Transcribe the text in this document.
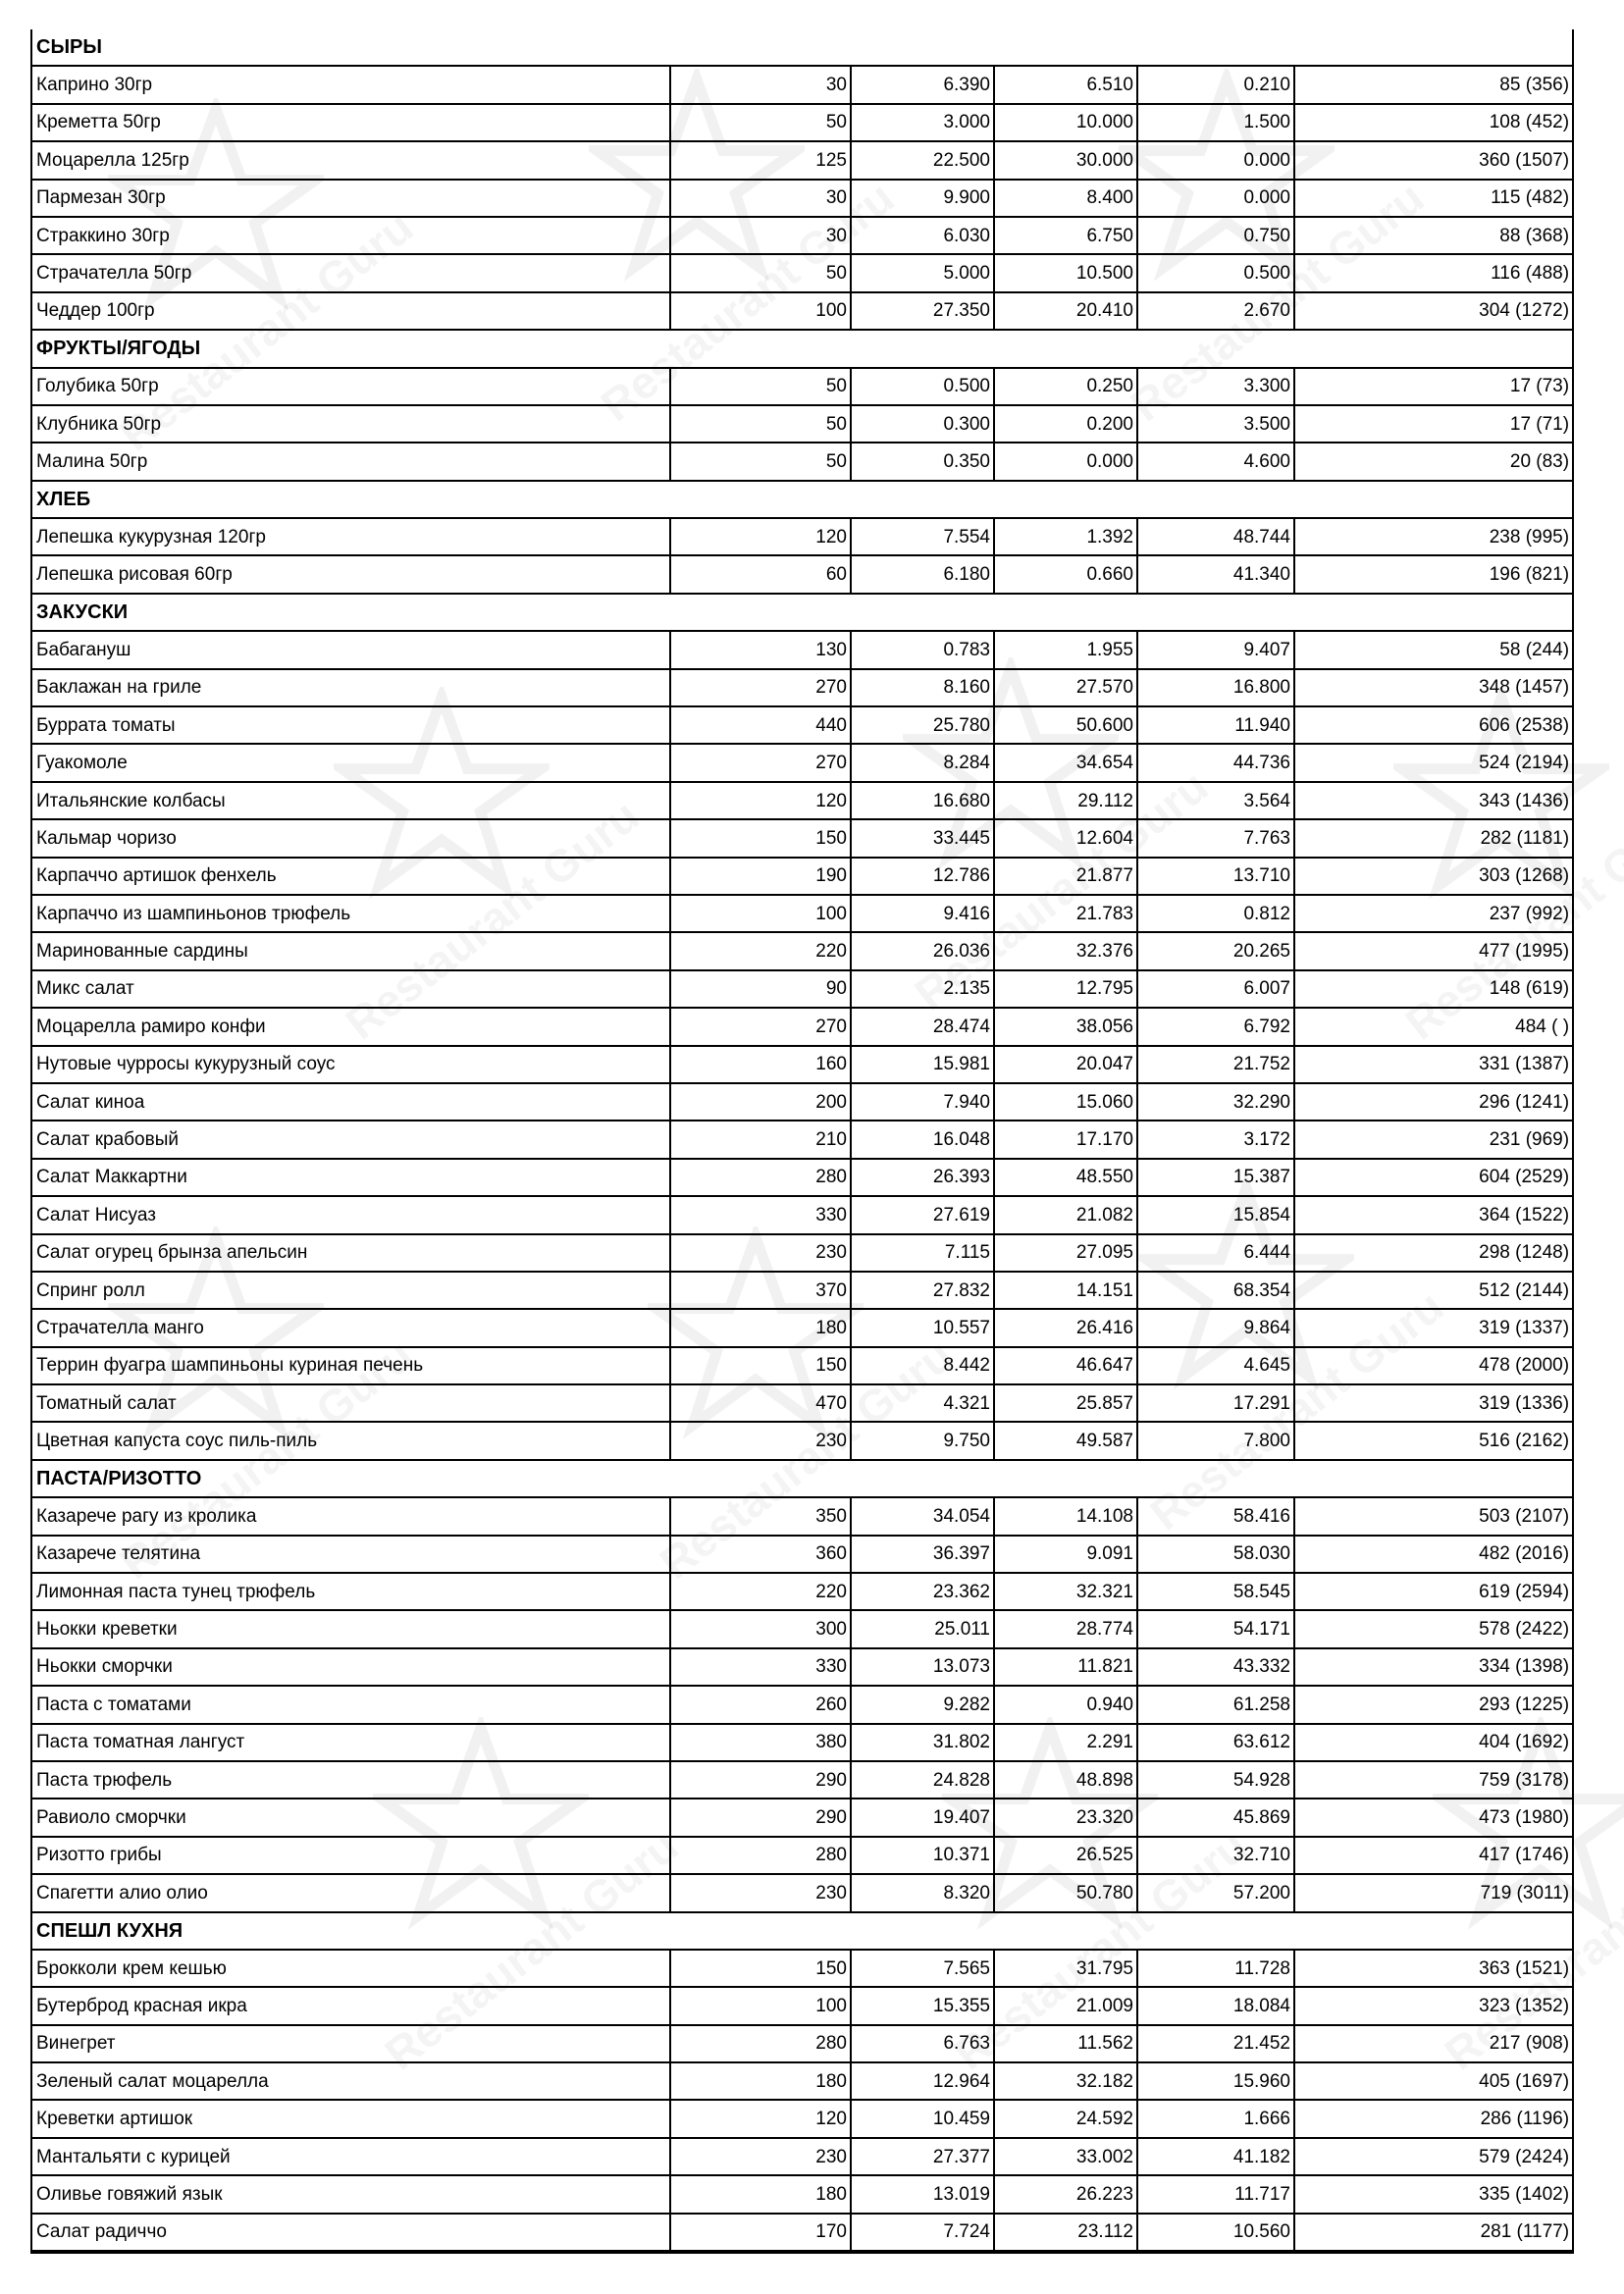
СЫРЫ					
Каприно 30гр	30	6.390	6.510	0.210	85 (356)
Креметта 50гр	50	3.000	10.000	1.500	108 (452)
Моцарелла 125гр	125	22.500	30.000	0.000	360 (1507)
Пармезан 30гр	30	9.900	8.400	0.000	115 (482)
Страккино 30гр	30	6.030	6.750	0.750	88 (368)
Страчателла 50гр	50	5.000	10.500	0.500	116 (488)
Чеддер 100гр	100	27.350	20.410	2.670	304 (1272)
ФРУКТЫ/ЯГОДЫ					
Голубика 50гр	50	0.500	0.250	3.300	17 (73)
Клубника 50гр	50	0.300	0.200	3.500	17 (71)
Малина 50гр	50	0.350	0.000	4.600	20 (83)
ХЛЕБ					
Лепешка кукурузная 120гр	120	7.554	1.392	48.744	238 (995)
Лепешка рисовая 60гр	60	6.180	0.660	41.340	196 (821)
ЗАКУСКИ					
Бабагануш	130	0.783	1.955	9.407	58 (244)
Баклажан на гриле	270	8.160	27.570	16.800	348 (1457)
Буррата томаты	440	25.780	50.600	11.940	606 (2538)
Гуакомоле	270	8.284	34.654	44.736	524 (2194)
Итальянские колбасы	120	16.680	29.112	3.564	343 (1436)
Кальмар чоризо	150	33.445	12.604	7.763	282 (1181)
Карпаччо артишок фенхель	190	12.786	21.877	13.710	303 (1268)
Карпаччо из шампиньонов трюфель	100	9.416	21.783	0.812	237 (992)
Маринованные сардины	220	26.036	32.376	20.265	477 (1995)
Микс салат	90	2.135	12.795	6.007	148 (619)
Моцарелла рамиро конфи	270	28.474	38.056	6.792	484 ( )
Нутовые чурросы кукурузный соус	160	15.981	20.047	21.752	331 (1387)
Салат киноа	200	7.940	15.060	32.290	296 (1241)
Салат крабовый	210	16.048	17.170	3.172	231 (969)
Салат Маккартни	280	26.393	48.550	15.387	604 (2529)
Салат Нисуаз	330	27.619	21.082	15.854	364 (1522)
Салат огурец брынза апельсин	230	7.115	27.095	6.444	298 (1248)
Спринг ролл	370	27.832	14.151	68.354	512 (2144)
Страчателла манго	180	10.557	26.416	9.864	319 (1337)
Террин фуагра шампиньоны куриная печень	150	8.442	46.647	4.645	478 (2000)
Томатный салат	470	4.321	25.857	17.291	319 (1336)
Цветная капуста соус пиль-пиль	230	9.750	49.587	7.800	516 (2162)
ПАСТА/РИЗОТТО					
Казарече рагу из кролика	350	34.054	14.108	58.416	503 (2107)
Казарече телятина	360	36.397	9.091	58.030	482 (2016)
Лимонная паста тунец трюфель	220	23.362	32.321	58.545	619 (2594)
Ньокки креветки	300	25.011	28.774	54.171	578 (2422)
Ньокки сморчки	330	13.073	11.821	43.332	334 (1398)
Паста с томатами	260	9.282	0.940	61.258	293 (1225)
Паста томатная лангуст	380	31.802	2.291	63.612	404 (1692)
Паста трюфель	290	24.828	48.898	54.928	759 (3178)
Равиоло сморчки	290	19.407	23.320	45.869	473 (1980)
Ризотто грибы	280	10.371	26.525	32.710	417 (1746)
Спагетти алио олио	230	8.320	50.780	57.200	719 (3011)
СПЕШЛ КУХНЯ					
Брокколи крем кешью	150	7.565	31.795	11.728	363 (1521)
Бутерброд красная икра	100	15.355	21.009	18.084	323 (1352)
Винегрет	280	6.763	11.562	21.452	217 (908)
Зеленый салат моцарелла	180	12.964	32.182	15.960	405 (1697)
Креветки артишок	120	10.459	24.592	1.666	286 (1196)
Мантальяти с курицей	230	27.377	33.002	41.182	579 (2424)
Оливье говяжий язык	180	13.019	26.223	11.717	335 (1402)
Салат радиччо	170	7.724	23.112	10.560	281 (1177)
